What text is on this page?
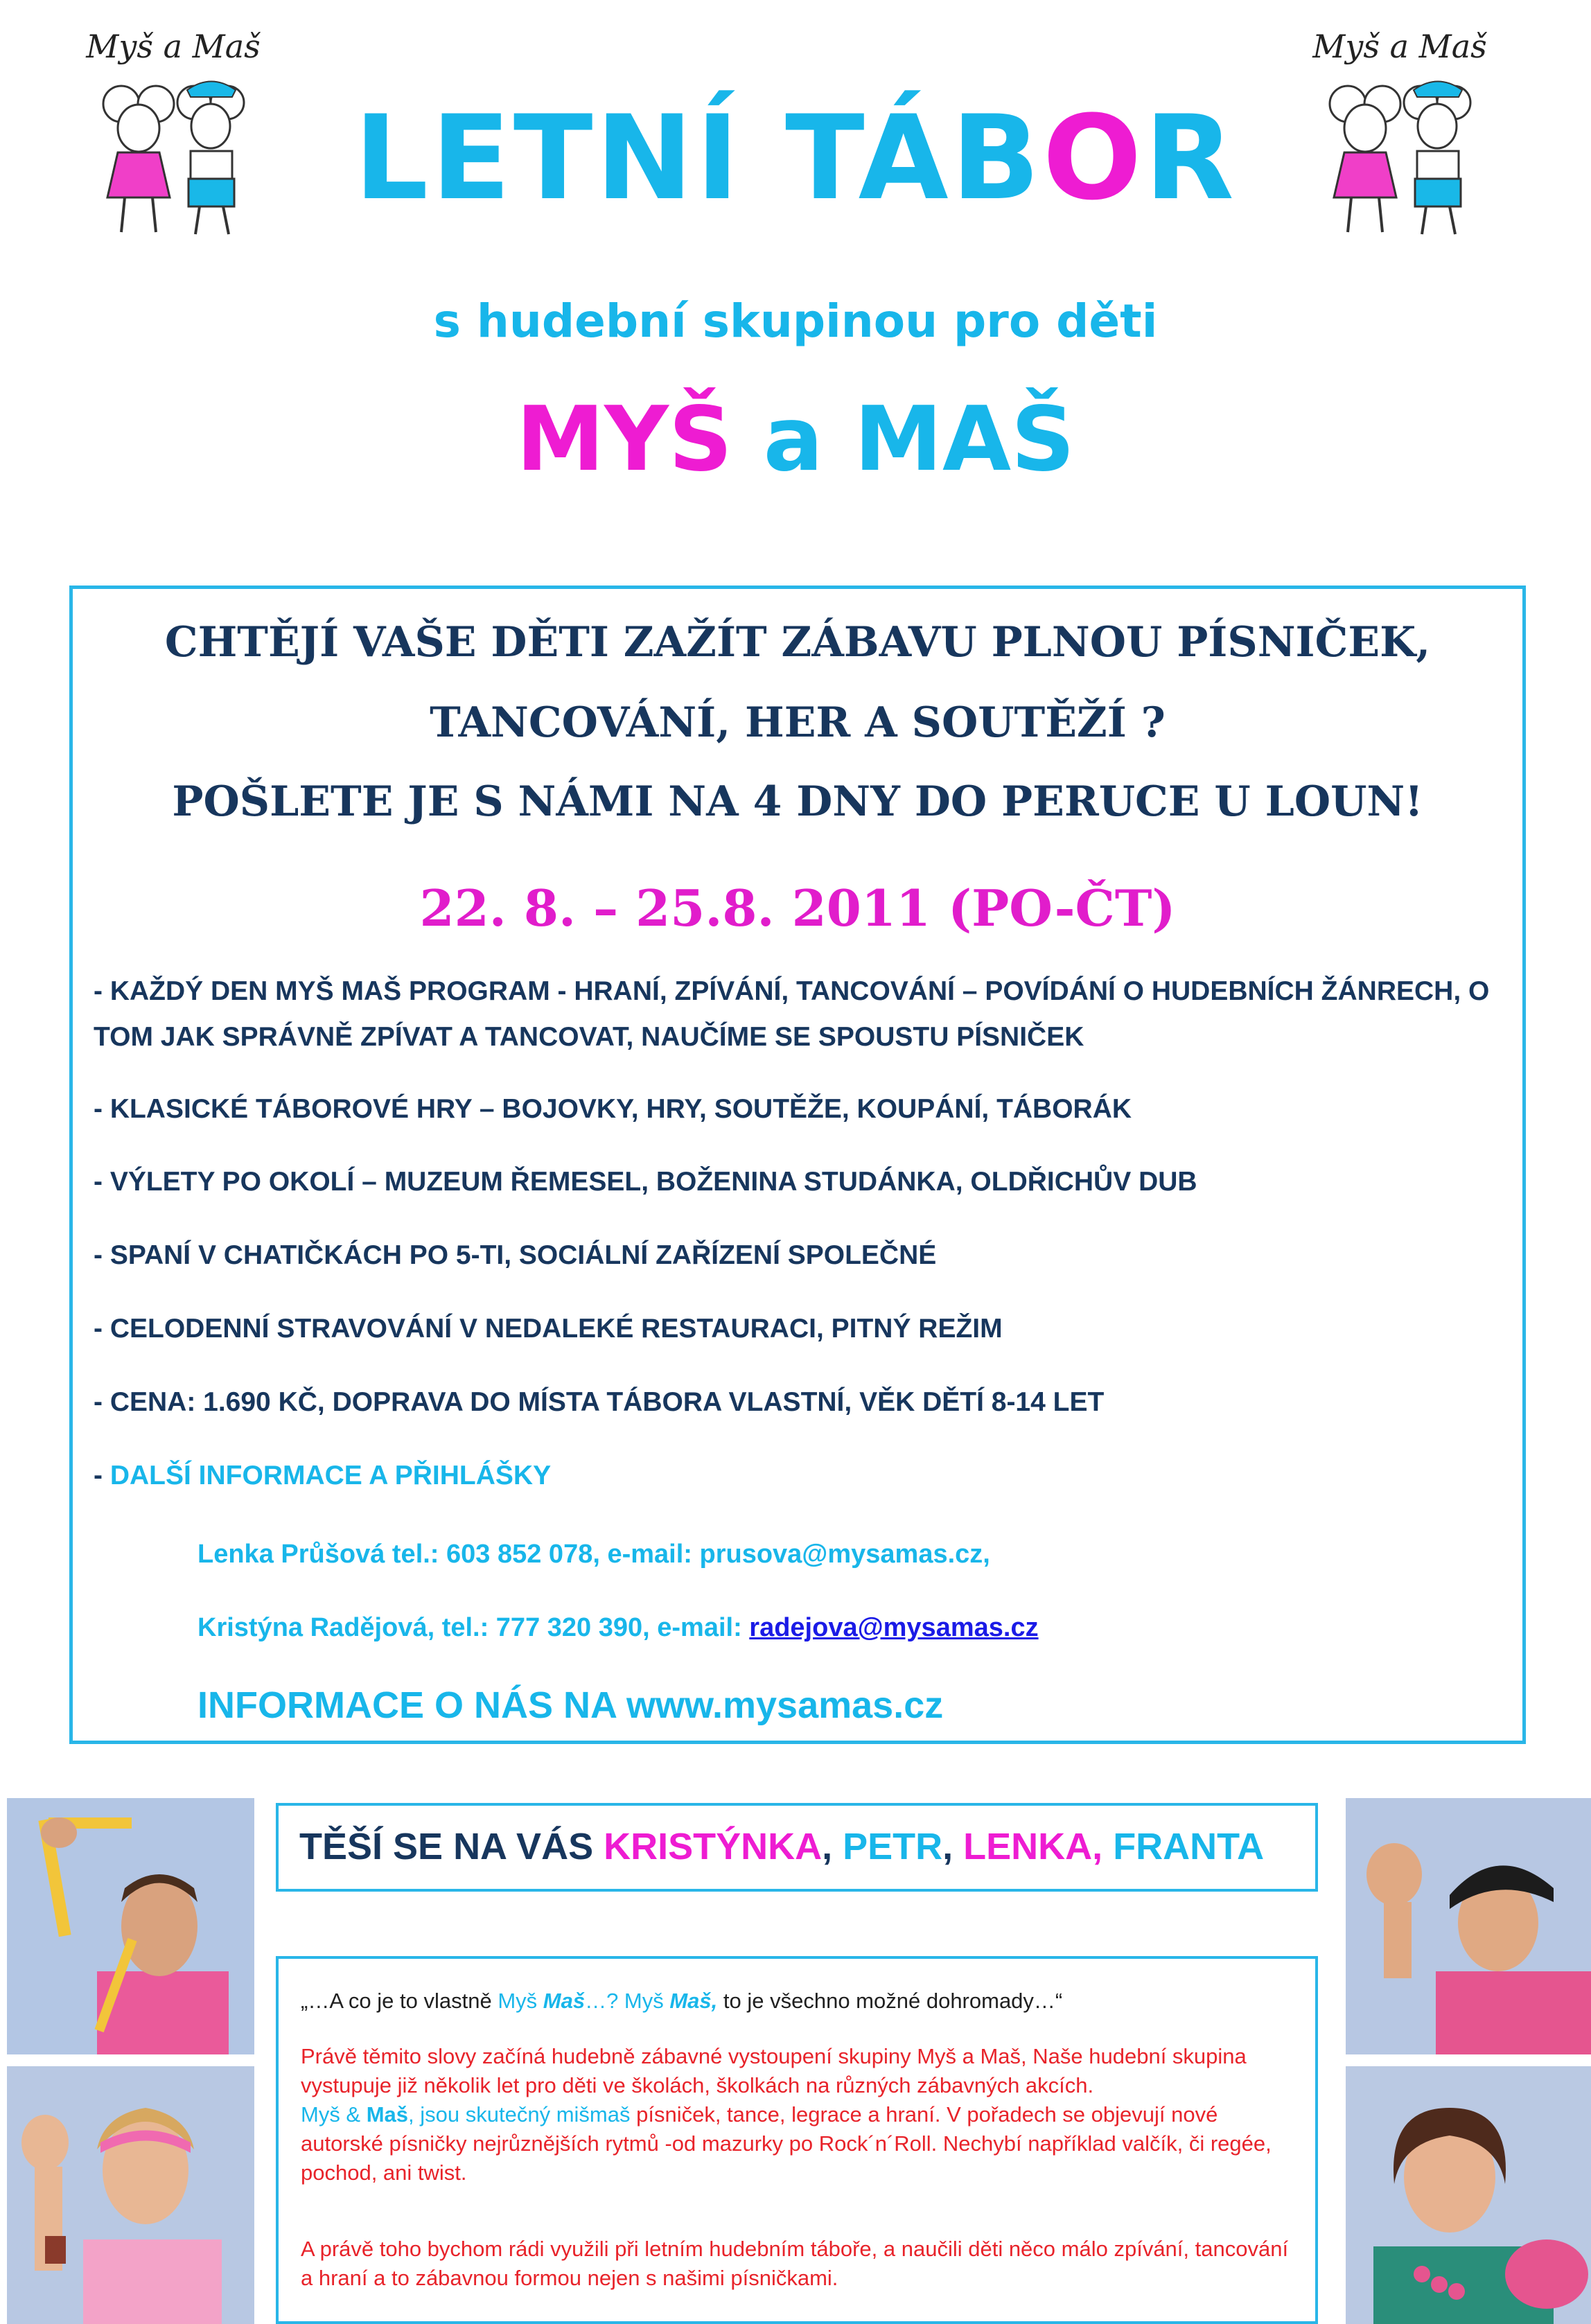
Myš a Maš	Myš a Maš
LETNÍ TÁBOR
s hudební skupinou pro děti
MYŠ a MAŠ
CHTĚJÍ VAŠE DĚTI ZAŽÍT ZÁBAVU PLNOU PÍSNIČEK,
TANCOVÁNÍ, HER A SOUTĚŽÍ ?
POŠLETE JE S NÁMI NA 4 DNY DO PERUCE U LOUN!
22. 8. – 25.8. 2011 (PO-ČT)
- KAŽDÝ DEN MYŠ MAŠ PROGRAM - HRANÍ, ZPÍVÁNÍ, TANCOVÁNÍ – POVÍDÁNÍ O HUDEBNÍCH ŽÁNRECH, O TOM JAK SPRÁVNĚ ZPÍVAT A TANCOVAT, NAUČÍME SE SPOUSTU PÍSNIČEK
- KLASICKÉ TÁBOROVÉ HRY – BOJOVKY, HRY, SOUTĚŽE, KOUPÁNÍ, TÁBORÁK
- VÝLETY PO OKOLÍ – MUZEUM ŘEMESEL, BOŽENINA STUDÁNKA, OLDŘICHŮV DUB
- SPANÍ V CHATIČKÁCH PO 5-TI, SOCIÁLNÍ ZAŘÍZENÍ SPOLEČNÉ
- CELODENNÍ STRAVOVÁNÍ V NEDALEKÉ RESTAURACI, PITNÝ REŽIM
- CENA: 1.690 KČ, DOPRAVA DO MÍSTA TÁBORA VLASTNÍ, VĚK DĚTÍ 8-14 LET
- DALŠÍ INFORMACE A PŘIHLÁŠKY
Lenka Průšová tel.: 603 852 078, e-mail: prusova@mysamas.cz,
Kristýna Radějová, tel.: 777 320 390, e-mail: radejova@mysamas.cz
INFORMACE O NÁS NA www.mysamas.cz
TĚŠÍ SE NA VÁS KRISTÝNKA, PETR, LENKA, FRANTA
„…A co je to vlastně Myš Maš…? Myš Maš, to je všechno možné dohromady…“
Právě těmito slovy začíná hudebně zábavné vystoupení skupiny Myš a Maš, Naše hudební skupina vystupuje již několik let pro děti ve školách, školkách na různých zábavných akcích.
Myš & Maš, jsou skutečný mišmaš písniček, tance, legrace a hraní. V pořadech se objevují nové autorské písničky nejrůznějších rytmů -od mazurky po Rock´n´Roll. Nechybí například valčík, či regée, pochod, ani twist.
A právě toho bychom rádi využili při letním hudebním táboře, a naučili děti něco málo zpívání, tancování a hraní a to zábavnou formou nejen s našimi písničkami.
